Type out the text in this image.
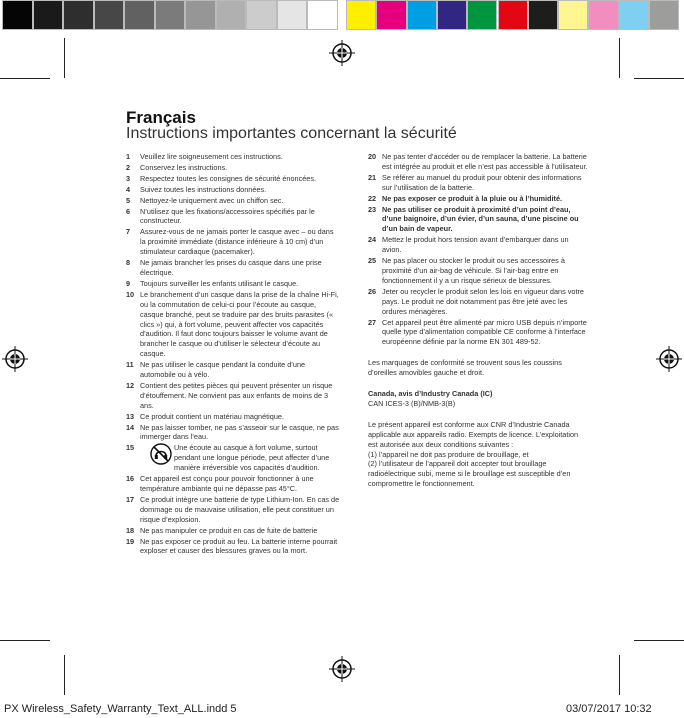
Français
Instructions importantes concernant la sécurité
1	Veuillez lire soigneusement ces instructions.
2	Conservez les instructions.
3	Respectez toutes les consignes de sécurité énoncées.
4	Suivez toutes les instructions données.
5	Nettoyez-le uniquement avec un chiffon sec.
6	N’utilisez que les fixations/accessoires spécifiés par le constructeur.
7	Assurez-vous de ne jamais porter le casque avec – ou dans la proximité immédiate (distance inférieure à 10 cm) d’un stimulateur cardiaque (pacemaker).
8	Ne jamais brancher les prises du casque dans une prise électrique.
9	Toujours surveiller les enfants utilisant le casque.
10 Le branchement d’un casque dans la prise de la chaîne Hi-Fi, ou la commutation de celui-ci pour l’écoute au casque, casque branché, peut se traduire par des bruits parasites (« clics ») qui, à fort volume, peuvent affecter vos capacités d’audition. Il faut donc toujours baisser le volume avant de brancher le casque ou d’utiliser le sélecteur d’écoute au casque.
11 Ne pas utiliser le casque pendant la conduite d’une automobile ou à vélo.
12 Contient des petites pièces qui peuvent présenter un risque d’étouffement. Ne convient pas aux enfants de moins de 3 ans.
13 Ce produit contient un matériau magnétique.
14 Ne pas laisser tomber, ne pas s’asseoir sur le casque, ne pas immerger dans l’eau.
15	Une écoute au casque à fort volume, surtout pendant une longue période, peut affecter d’une manière irréversible vos capacités d’audition.
16 Cet appareil est conçu pour pouvoir fonctionner à une température ambiante qui ne dépasse pas 45°C.
17 Ce produit intègre une batterie de type Lithium-Ion. En cas de dommage ou de mauvaise utilisation, elle peut constituer un risque d’explosion.
18 Ne pas manipuler ce produit en cas de fuite de batterie
19 Ne pas exposer ce produit au feu. La batterie interne pourrait exploser et causer des blessures graves ou la mort.
20 Ne pas tenter d’accéder ou de remplacer la batterie. La batterie est intégrée au produit et elle n’est pas accessible à l’utilisateur.
21 Se référer au manuel du produit pour obtenir des informations sur l’utilisation de la batterie.
22 Ne pas exposer ce produit à la pluie ou à l’humidité.
23 Ne pas utiliser ce produit à proximité d’un point d’eau, d’une baignoire, d’un évier, d’un sauna, d’une piscine ou d’un bain de vapeur.
24 Mettez le produit hors tension avant d’embarquer dans un avion.
25 Ne pas placer ou stocker le produit ou ses accessoires à proximité d’un air-bag de véhicule. Si l’air-bag entre en fonctionnement il y a un risque sérieux de blessures.
26 Jeter ou recycler le produit selon les lois en vigueur dans votre pays. Le produit ne doit notamment pas être jeté avec les ordures ménagères.
27 Cet appareil peut être alimenté par micro USB depuis n’importe quelle type d’alimentation compatible CE conforme à l’interface européenne définie par la norme EN 301 489-52.
Les marquages de conformité se trouvent sous les coussins d’oreilles amovibles gauche et droit.
Canada, avis d’Industry Canada (IC)
CAN ICES-3 (B)/NMB-3(B)
Le présent appareil est conforme aux CNR d’Industrie Canada applicable aux appareils radio. Exempts de licence. L’exploitation est autorisée aux deux conditions suivantes :
(1) l’appareil ne doit pas produire de brouillage, et
(2) l’utilisateur de l’appareil doit accepter tout brouillage radioélectrique subi, meme si le brouillage est susceptible d’en compromettre le fonctionnement.
PX Wireless_Safety_Warranty_Text_ALL.indd 5	03/07/2017 10:32
